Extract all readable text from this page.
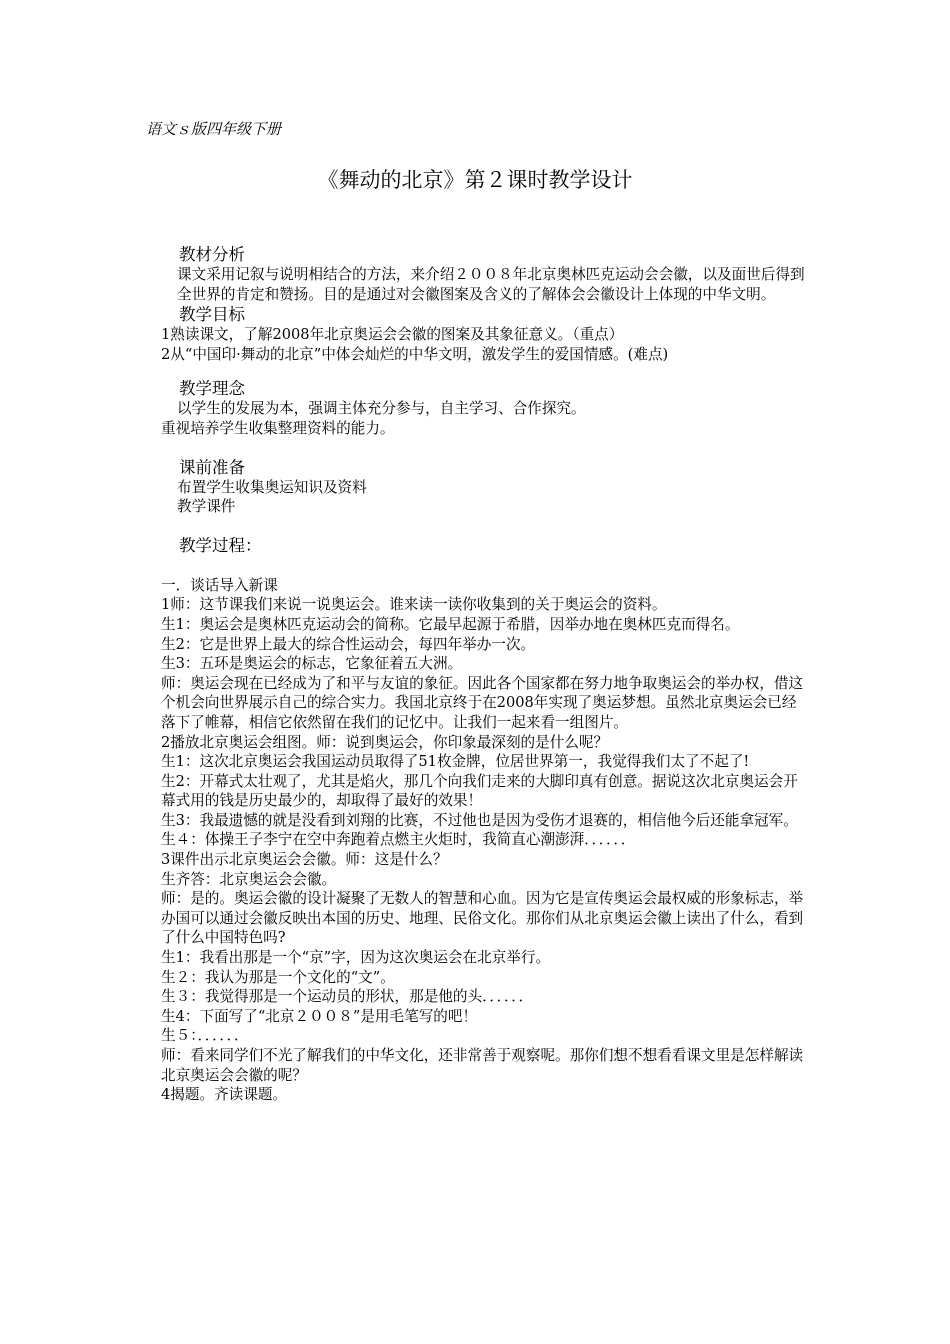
语文ｓ版四年级下册
《舞动的北京》第２课时教学设计
教材分析

课文采用记叙与说明相结合的方法，来介绍２００８年北京奥林匹克运动会会徽，以及面世后得到全世界的肯定和赞扬。目的是通过对会徽图案及含义的了解体会会徽设计上体现的中华文明。

教学目标

1熟读课文，了解2008年北京奥运会会徽的图案及其象征意义。（重点）

2从“中国印·舞动的北京”中体会灿烂的中华文明，激发学生的爱国情感。(难点)

教学理念

以学生的发展为本，强调主体充分参与，自主学习、合作探究。

重视培养学生收集整理资料的能力。

课前准备

布置学生收集奥运知识及资料

教学课件

教学过程：

一．谈话导入新课

1师：这节课我们来说一说奥运会。谁来读一读你收集到的关于奥运会的资料。

生1：奥运会是奥林匹克运动会的简称。它最早起源于希腊，因举办地在奥林匹克而得名。

生2：它是世界上最大的综合性运动会，每四年举办一次。

生3：五环是奥运会的标志，它象征着五大洲。

师：奥运会现在已经成为了和平与友谊的象征。因此各个国家都在努力地争取奥运会的举办权，借这个机会向世界展示自己的综合实力。我国北京终于在2008年实现了奥运梦想。虽然北京奥运会已经落下了帷幕，相信它依然留在我们的记忆中。让我们一起来看一组图片。

2播放北京奥运会组图。师：说到奥运会，你印象最深刻的是什么呢？

生1：这次北京奥运会我国运动员取得了51枚金牌，位居世界第一，我觉得我们太了不起了!

生2：开幕式太壮观了，尤其是焰火，那几个向我们走来的大脚印真有创意。据说这次北京奥运会开幕式用的钱是历史最少的，却取得了最好的效果！

生3：我最遗憾的就是没看到刘翔的比赛，不过他也是因为受伤才退赛的，相信他今后还能拿冠军。

生４：体操王子李宁在空中奔跑着点燃主火炬时，我简直心潮澎湃．．．．．．

3课件出示北京奥运会会徽。师：这是什么？

生齐答：北京奥运会会徽。

师：是的。奥运会徽的设计凝聚了无数人的智慧和心血。因为它是宣传奥运会最权威的形象标志，举办国可以通过会徽反映出本国的历史、地理、民俗文化。那你们从北京奥运会徽上读出了什么，看到了什么中国特色吗?

生1：我看出那是一个“京”字，因为这次奥运会在北京举行。

生２：我认为那是一个文化的“文”。

生３：我觉得那是一个运动员的形状，那是他的头．．．．．．

生4：下面写了“北京２００８”是用毛笔写的吧！

生５：．．．．．．

师：看来同学们不光了解我们的中华文化，还非常善于观察呢。那你们想不想看看课文里是怎样解读北京奥运会会徽的呢？

4揭题。齐读课题。
